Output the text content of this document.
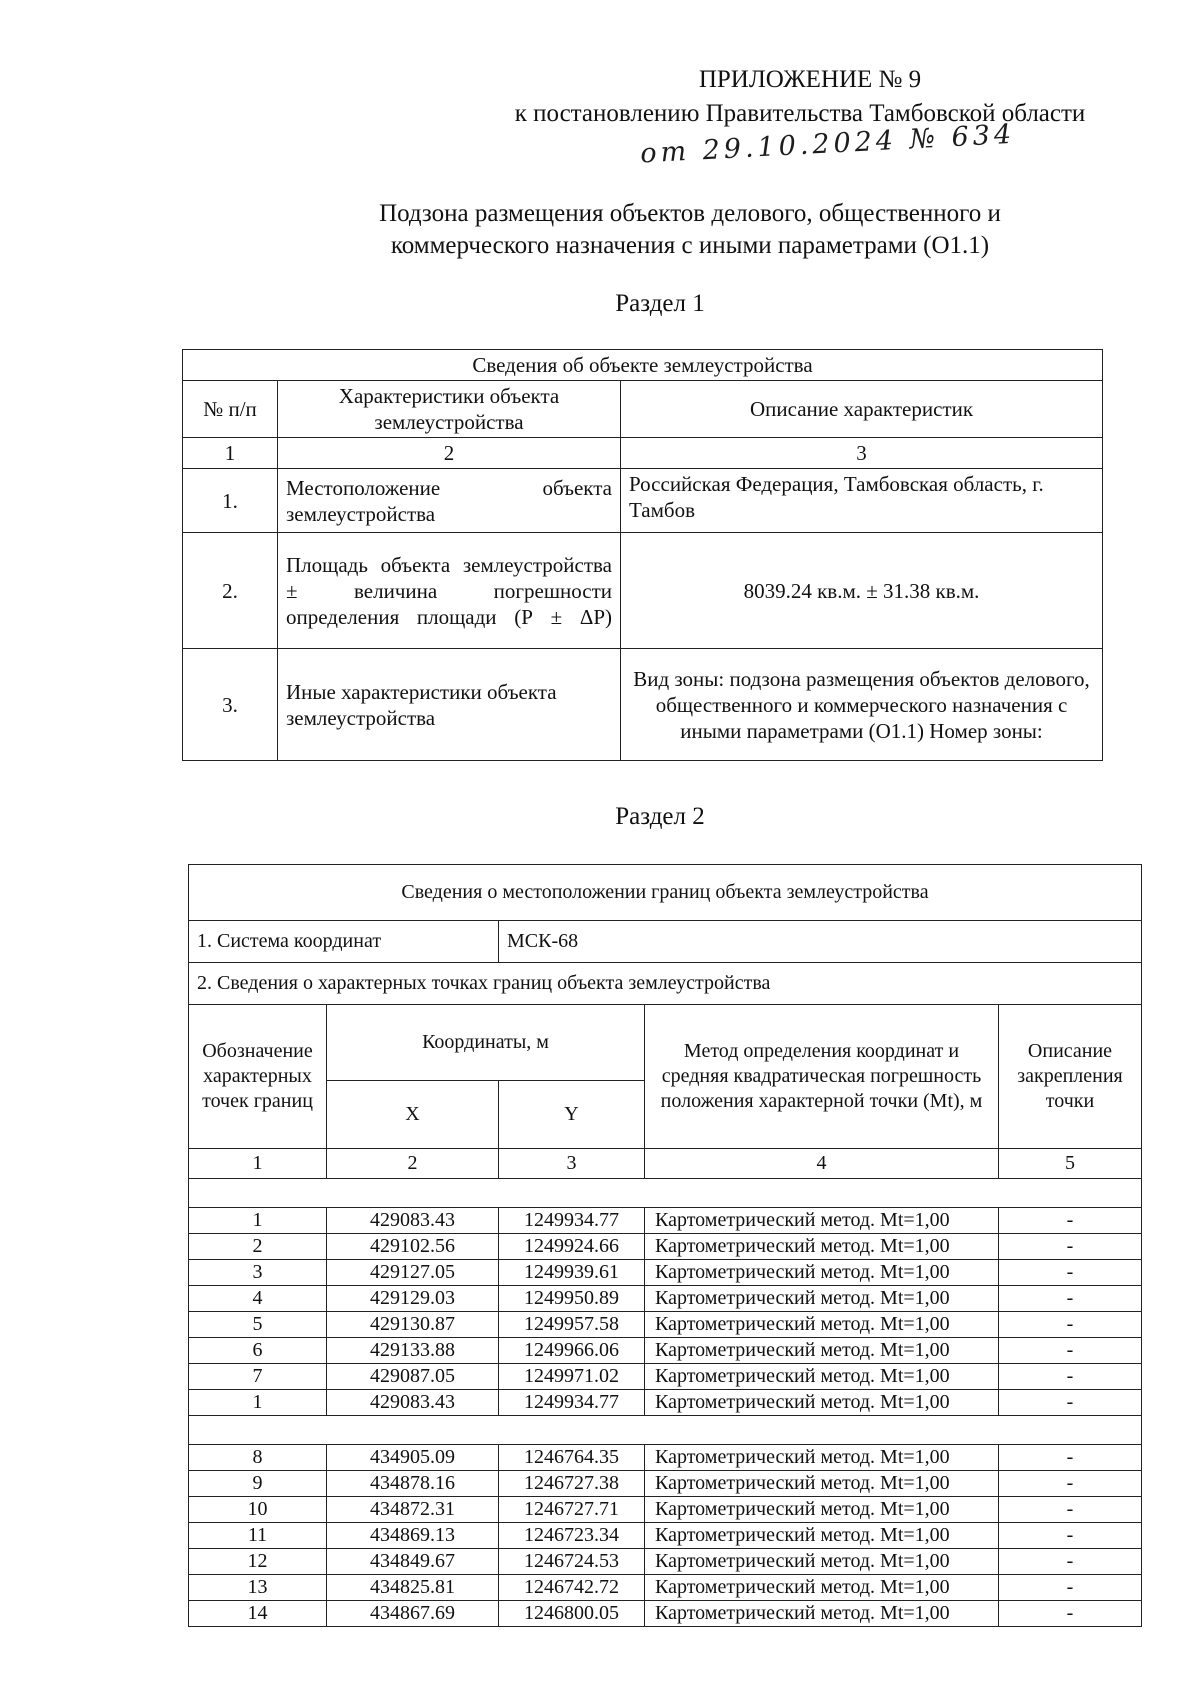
ПРИЛОЖЕНИЕ № 9
к постановлению Правительства Тамбовской области
от 29.10.2024 № 634
Подзона размещения объектов делового, общественного и коммерческого назначения с иными параметрами (О1.1)
Раздел 1
Сведения об объекте землеустройства		
№ п/п	Характеристики объекта землеустройства	Описание характеристик
1	2	3
1.	Местоположение объекта землеустройства	Российская Федерация, Тамбовская область, г. Тамбов
2.	Площадь объекта землеустройства ± величина погрешности определения площади (Р ± ΔР)	8039.24 кв.м. ± 31.38 кв.м.
3.	Иные характеристики объекта землеустройства	Вид зоны: подзона размещения объектов делового, общественного и коммерческого назначения с иными параметрами (О1.1) Номер зоны:
Раздел 2
Сведения о местоположении границ объекта землеустройства				
1. Система координат		МСК-68		
2. Сведения о характерных точках границ объекта землеустройства				
Обозначение характерных точек границ	Координаты, м		Метод определения координат и средняя квадратическая погрешность положения характерной точки (Mt), м	Описание закрепления точки
	X	Y		
1	2	3	4	5

1	429083.43	1249934.77	Картометрический метод. Mt=1,00	-
2	429102.56	1249924.66	Картометрический метод. Mt=1,00	-
3	429127.05	1249939.61	Картометрический метод. Mt=1,00	-
4	429129.03	1249950.89	Картометрический метод. Mt=1,00	-
5	429130.87	1249957.58	Картометрический метод. Mt=1,00	-
6	429133.88	1249966.06	Картометрический метод. Mt=1,00	-
7	429087.05	1249971.02	Картометрический метод. Mt=1,00	-
1	429083.43	1249934.77	Картометрический метод. Mt=1,00	-

8	434905.09	1246764.35	Картометрический метод. Mt=1,00	-
9	434878.16	1246727.38	Картометрический метод. Mt=1,00	-
10	434872.31	1246727.71	Картометрический метод. Mt=1,00	-
11	434869.13	1246723.34	Картометрический метод. Mt=1,00	-
12	434849.67	1246724.53	Картометрический метод. Mt=1,00	-
13	434825.81	1246742.72	Картометрический метод. Mt=1,00	-
14	434867.69	1246800.05	Картометрический метод. Mt=1,00	-
